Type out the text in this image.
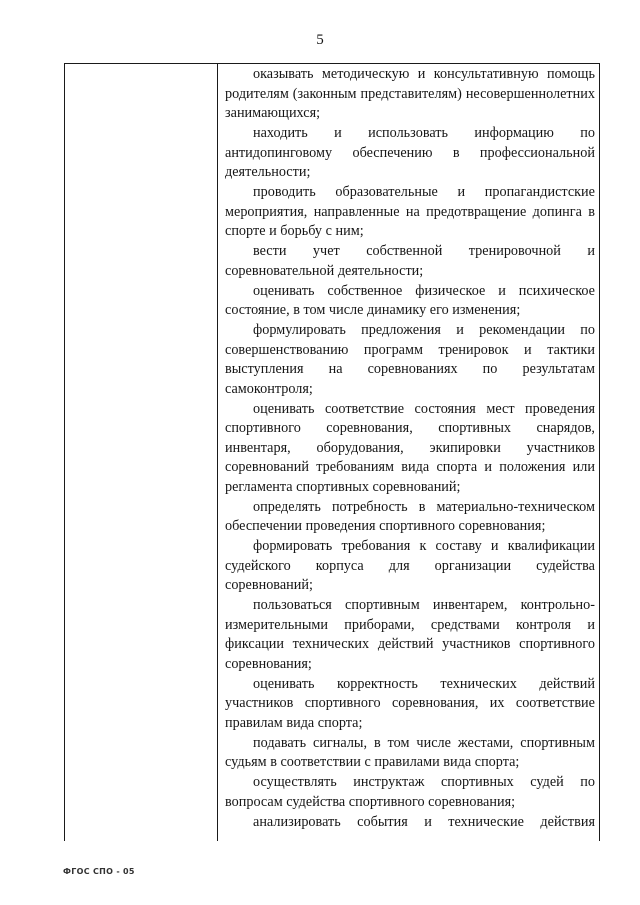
5

оказывать методическую и консультативную помощь родителям (законным представителям) несовершеннолетних занимающихся;

находить и использовать информацию по антидопинговому обеспечению в профессиональной деятельности;

проводить образовательные и пропагандистские мероприятия, направленные на предотвращение допинга в спорте и борьбу с ним;

вести учет собственной тренировочной и соревновательной деятельности;

оценивать собственное физическое и психическое состояние, в том числе динамику его изменения;

формулировать предложения и рекомендации по совершенствованию программ тренировок и тактики выступления на соревнованиях по результатам самоконтроля;

оценивать соответствие состояния мест проведения спортивного соревнования, спортивных снарядов, инвентаря, оборудования, экипировки участников соревнований требованиям вида спорта и положения или регламента спортивных соревнований;

определять потребность в материально-техническом обеспечении проведения спортивного соревнования;

формировать требования к составу и квалификации судейского корпуса для организации судейства соревнований;

пользоваться спортивным инвентарем, контрольно-измерительными приборами, средствами контроля и фиксации технических действий участников спортивного соревнования;

оценивать корректность технических действий участников спортивного соревнования, их соответствие правилам вида спорта;

подавать сигналы, в том числе жестами, спортивным судьям в соответствии с правилами вида спорта;

осуществлять инструктаж спортивных судей по вопросам судейства спортивного соревнования;

анализировать события и технические действия

ФГОС СПО - 05
